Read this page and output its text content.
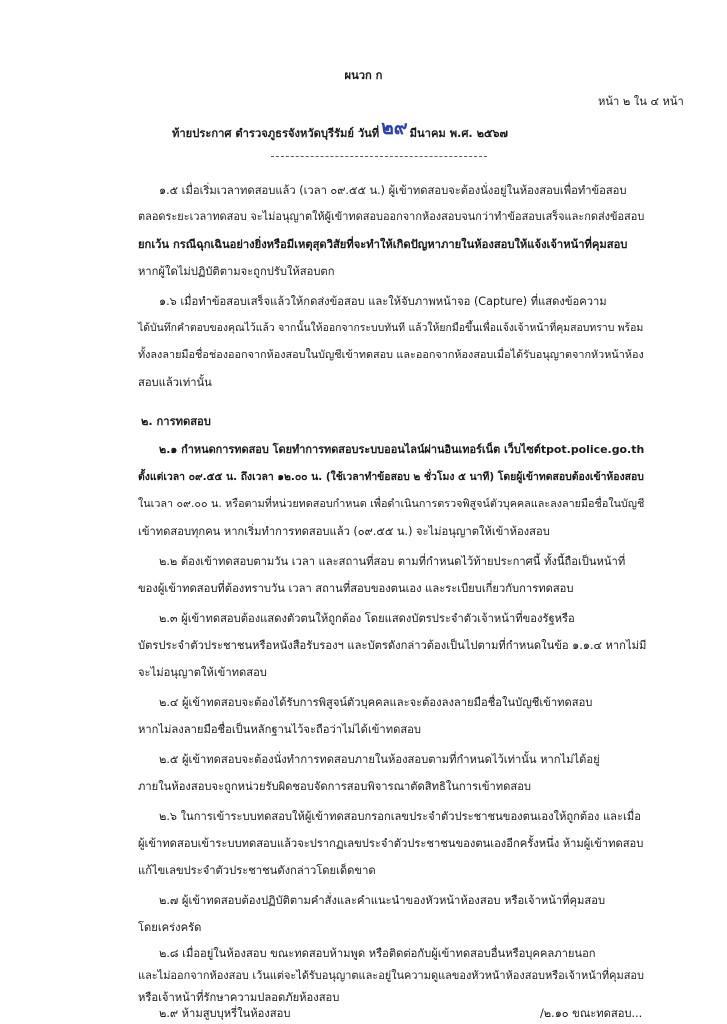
ผนวก ก
หน้า ๒ ใน ๔ หน้า
ท้ายประกาศ ตำรวจภูธรจังหวัดบุรีรัมย์ วันที่ ๒๙ มีนาคม พ.ศ. ๒๕๖๗
๑.๕ เมื่อเริ่มเวลาทดสอบแล้ว (เวลา ๐๙.๕๕ น.) ผู้เข้าทดสอบจะต้องนั่งอยู่ในห้องสอบเพื่อทำข้อสอบ
ตลอดระยะเวลาทดสอบ จะไม่อนุญาตให้ผู้เข้าทดสอบออกจากห้องสอบจนกว่าทำข้อสอบเสร็จและกดส่งข้อสอบ
ยกเว้น กรณีฉุกเฉินอย่างยิ่งหรือมีเหตุสุดวิสัยที่จะทำให้เกิดปัญหาภายในห้องสอบให้แจ้งเจ้าหน้าที่คุมสอบ
หากผู้ใดไม่ปฏิบัติตามจะถูกปรับให้สอบตก
๑.๖ เมื่อทำข้อสอบเสร็จแล้วให้กดส่งข้อสอบ และให้จับภาพหน้าจอ (Capture) ที่แสดงข้อความ
ได้บันทึกคำตอบของคุณไว้แล้ว จากนั้นให้ออกจากระบบทันที แล้วให้ยกมือขึ้นเพื่อแจ้งเจ้าหน้าที่คุมสอบทราบ พร้อม
ทั้งลงลายมือชื่อช่องออกจากห้องสอบในบัญชีเข้าทดสอบ และออกจากห้องสอบเมื่อได้รับอนุญาตจากหัวหน้าห้อง
สอบแล้วเท่านั้น
๒. การทดสอบ
๒.๑ กำหนดการทดสอบ โดยทำการทดสอบระบบออนไลน์ผ่านอินเทอร์เน็ต เว็บไซต์tpot.police.go.th
ตั้งแต่เวลา ๐๙.๕๕ น. ถึงเวลา ๑๒.๐๐ น. (ใช้เวลาทำข้อสอบ ๒ ชั่วโมง ๕ นาที) โดยผู้เข้าทดสอบต้องเข้าห้องสอบ
ในเวลา ๐๙.๐๐ น. หรือตามที่หน่วยทดสอบกำหนด เพื่อดำเนินการตรวจพิสูจน์ตัวบุคคลและลงลายมือชื่อในบัญชี
เข้าทดสอบทุกคน หากเริ่มทำการทดสอบแล้ว (๐๙.๕๕ น.) จะไม่อนุญาตให้เข้าห้องสอบ
๒.๒ ต้องเข้าทดสอบตามวัน เวลา และสถานที่สอบ ตามที่กำหนดไว้ท้ายประกาศนี้ ทั้งนี้ถือเป็นหน้าที่
ของผู้เข้าทดสอบที่ต้องทราบวัน เวลา สถานที่สอบของตนเอง และระเบียบเกี่ยวกับการทดสอบ
๒.๓ ผู้เข้าทดสอบต้องแสดงตัวตนให้ถูกต้อง โดยแสดงบัตรประจำตัวเจ้าหน้าที่ของรัฐหรือ
บัตรประจำตัวประชาชนหรือหนังสือรับรองฯ และบัตรดังกล่าวต้องเป็นไปตามที่กำหนดในข้อ ๑.๑.๔ หากไม่มี
จะไม่อนุญาตให้เข้าทดสอบ
๒.๔ ผู้เข้าทดสอบจะต้องได้รับการพิสูจน์ตัวบุคคลและจะต้องลงลายมือชื่อในบัญชีเข้าทดสอบ
หากไม่ลงลายมือชื่อเป็นหลักฐานไว้จะถือว่าไม่ได้เข้าทดสอบ
๒.๕ ผู้เข้าทดสอบจะต้องนั่งทำการทดสอบภายในห้องสอบตามที่กำหนดไว้เท่านั้น หากไม่ได้อยู่
ภายในห้องสอบจะถูกหน่วยรับผิดชอบจัดการสอบพิจารณาตัดสิทธิในการเข้าทดสอบ
๒.๖ ในการเข้าระบบทดสอบให้ผู้เข้าทดสอบกรอกเลขประจำตัวประชาชนของตนเองให้ถูกต้อง และเมื่อ
ผู้เข้าทดสอบเข้าระบบทดสอบแล้วจะปรากฏเลขประจำตัวประชาชนของตนเองอีกครั้งหนึ่ง ห้ามผู้เข้าทดสอบ
แก้ไขเลขประจำตัวประชาชนดังกล่าวโดยเด็ดขาด
๒.๗ ผู้เข้าทดสอบต้องปฏิบัติตามคำสั่งและคำแนะนำของหัวหน้าห้องสอบ หรือเจ้าหน้าที่คุมสอบ
โดยเคร่งครัด
๒.๘ เมื่ออยู่ในห้องสอบ ขณะทดสอบห้ามพูด หรือติดต่อกับผู้เข้าทดสอบอื่นหรือบุคคลภายนอก
และไม่ออกจากห้องสอบ เว้นแต่จะได้รับอนุญาตและอยู่ในความดูแลของหัวหน้าห้องสอบหรือเจ้าหน้าที่คุมสอบ
หรือเจ้าหน้าที่รักษาความปลอดภัยห้องสอบ
๒.๙ ห้ามสูบบุหรี่ในห้องสอบ	/๒.๑๐ ขณะทดสอบ...
